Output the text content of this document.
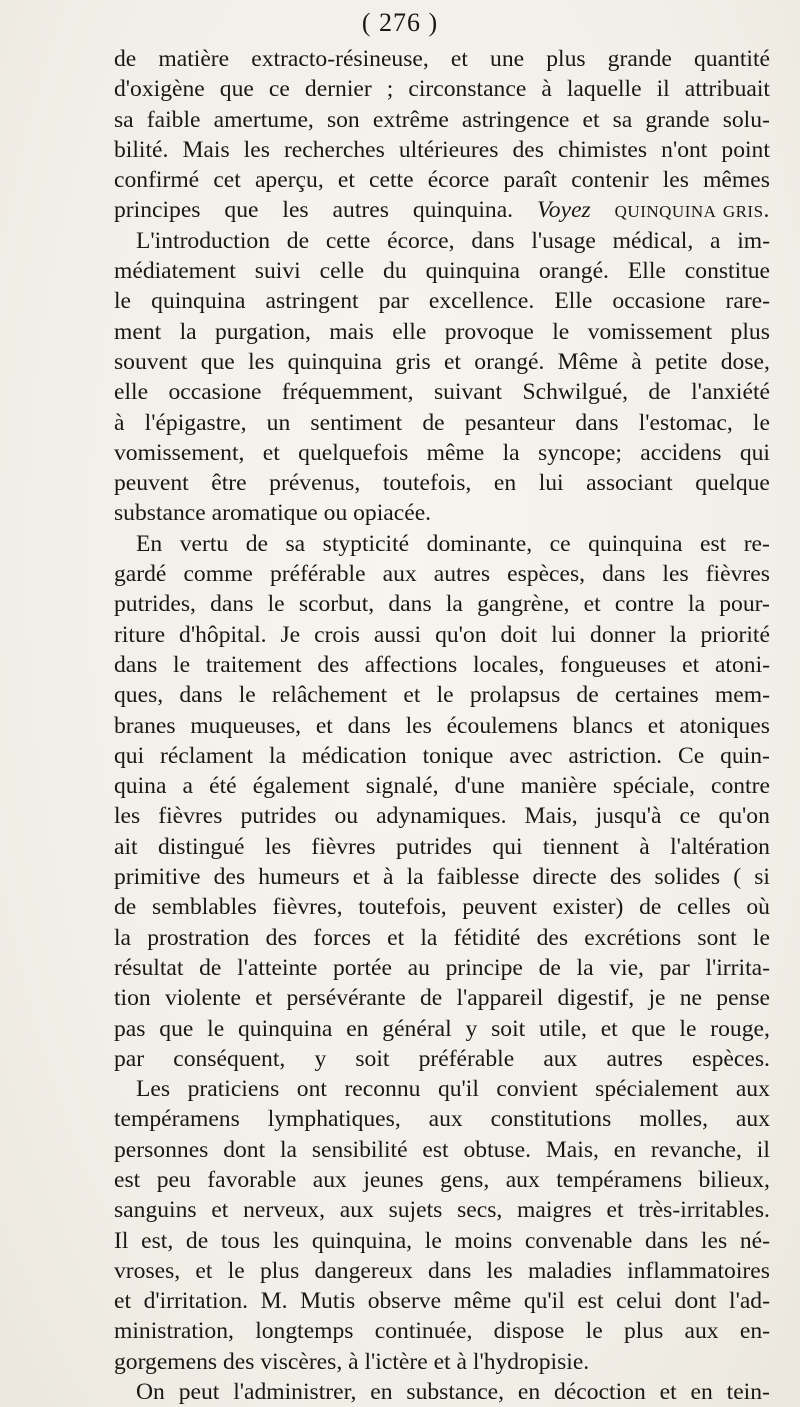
( 276 )
de matière extracto-résineuse, et une plus grande quantité
d'oxigène que ce dernier ; circonstance à laquelle il attribuait
sa faible amertume, son extrême astringence et sa grande solu-
bilité. Mais les recherches ultérieures des chimistes n'ont point
confirmé cet aperçu, et cette écorce paraît contenir les mêmes
principes que les autres quinquina. Voyez quinquina gris.
L'introduction de cette écorce, dans l'usage médical, a im-
médiatement suivi celle du quinquina orangé. Elle constitue
le quinquina astringent par excellence. Elle occasione rare-
ment la purgation, mais elle provoque le vomissement plus
souvent que les quinquina gris et orangé. Même à petite dose,
elle occasione fréquemment, suivant Schwilgué, de l'anxiété
à l'épigastre, un sentiment de pesanteur dans l'estomac, le
vomissement, et quelquefois même la syncope; accidens qui
peuvent être prévenus, toutefois, en lui associant quelque
substance aromatique ou opiacée.
En vertu de sa stypticité dominante, ce quinquina est re-
gardé comme préférable aux autres espèces, dans les fièvres
putrides, dans le scorbut, dans la gangrène, et contre la pour-
riture d'hôpital. Je crois aussi qu'on doit lui donner la priorité
dans le traitement des affections locales, fongueuses et atoni-
ques, dans le relâchement et le prolapsus de certaines mem-
branes muqueuses, et dans les écoulemens blancs et atoniques
qui réclament la médication tonique avec astriction. Ce quin-
quina a été également signalé, d'une manière spéciale, contre
les fièvres putrides ou adynamiques. Mais, jusqu'à ce qu'on
ait distingué les fièvres putrides qui tiennent à l'altération
primitive des humeurs et à la faiblesse directe des solides ( si
de semblables fièvres, toutefois, peuvent exister) de celles où
la prostration des forces et la fétidité des excrétions sont le
résultat de l'atteinte portée au principe de la vie, par l'irrita-
tion violente et persévérante de l'appareil digestif, je ne pense
pas que le quinquina en général y soit utile, et que le rouge,
par conséquent, y soit préférable aux autres espèces.
Les praticiens ont reconnu qu'il convient spécialement aux
tempéramens lymphatiques, aux constitutions molles, aux
personnes dont la sensibilité est obtuse. Mais, en revanche, il
est peu favorable aux jeunes gens, aux tempéramens bilieux,
sanguins et nerveux, aux sujets secs, maigres et très-irritables.
Il est, de tous les quinquina, le moins convenable dans les né-
vroses, et le plus dangereux dans les maladies inflammatoires
et d'irritation. M. Mutis observe même qu'il est celui dont l'ad-
ministration, longtemps continuée, dispose le plus aux en-
gorgemens des viscères, à l'ictère et à l'hydropisie.
On peut l'administrer, en substance, en décoction et en tein-
